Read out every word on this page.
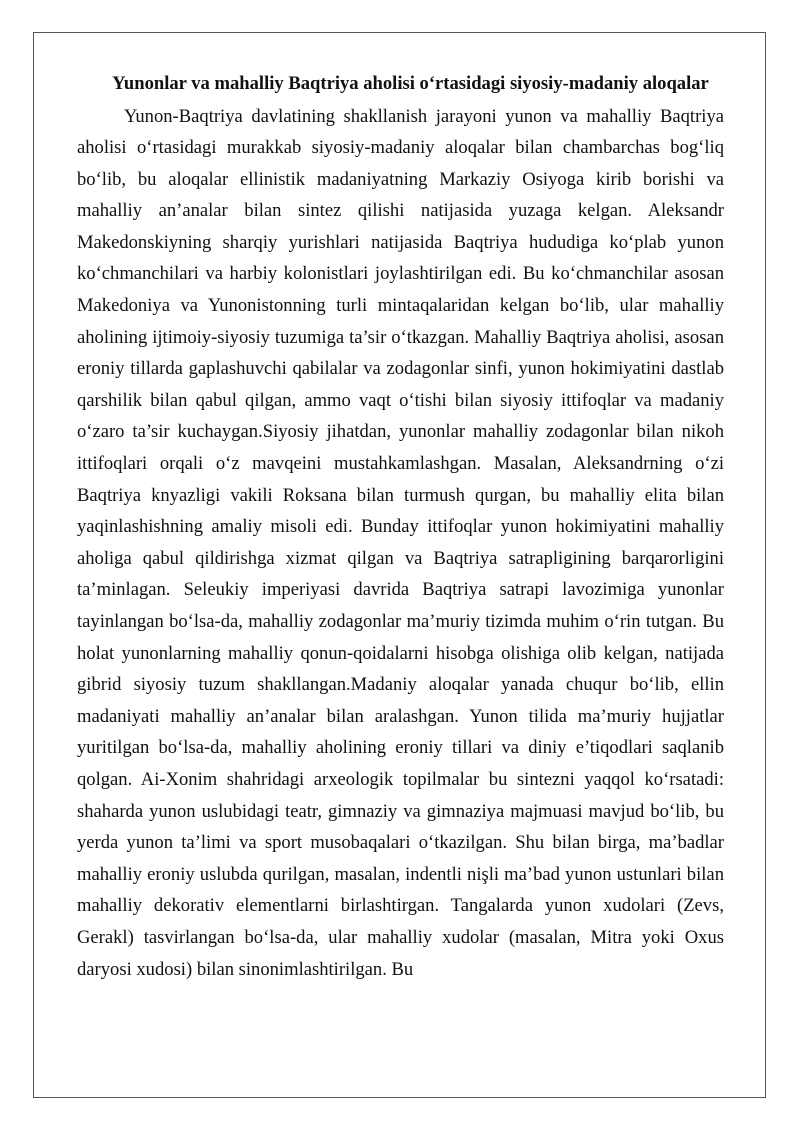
Yunonlar va mahalliy Baqtriya aholisi o‘rtasidagi siyosiy-madaniy aloqalar

Yunon-Baqtriya davlatining shakllanish jarayoni yunon va mahalliy Baqtriya aholisi o‘rtasidagi murakkab siyosiy-madaniy aloqalar bilan chambarchas bog‘liq bo‘lib, bu aloqalar ellinistik madaniyatning Markaziy Osiyoga kirib borishi va mahalliy an’analar bilan sintez qilishi natijasida yuzaga kelgan. Aleksandr Makedonskiyning sharqiy yurishlari natijasida Baqtriya hududiga ko‘plab yunon ko‘chmanchilari va harbiy kolonistlari joylashtirilgan edi. Bu ko‘chmanchilar asosan Makedoniya va Yunonistonning turli mintaqalaridan kelgan bo‘lib, ular mahalliy aholining ijtimoiy-siyosiy tuzumiga ta’sir o‘tkazgan. Mahalliy Baqtriya aholisi, asosan eroniy tillarda gaplashuvchi qabilalar va zodagonlar sinfi, yunon hokimiyatini dastlab qarshilik bilan qabul qilgan, ammo vaqt o‘tishi bilan siyosiy ittifoqlar va madaniy o‘zaro ta’sir kuchaygan.Siyosiy jihatdan, yunonlar mahalliy zodagonlar bilan nikoh ittifoqlari orqali o‘z mavqeini mustahkamlashgan. Masalan, Aleksandrning o‘zi Baqtriya knyazligi vakili Roksana bilan turmush qurgan, bu mahalliy elita bilan yaqinlashishning amaliy misoli edi. Bunday ittifoqlar yunon hokimiyatini mahalliy aholiga qabul qildirishga xizmat qilgan va Baqtriya satrapligining barqarorligini ta’minlagan. Seleukiy imperiyasi davrida Baqtriya satrapi lavozimiga yunonlar tayinlangan bo‘lsa-da, mahalliy zodagonlar ma’muriy tizimda muhim o‘rin tutgan. Bu holat yunonlarning mahalliy qonun-qoidalarni hisobga olishiga olib kelgan, natijada gibrid siyosiy tuzum shakllangan.Madaniy aloqalar yanada chuqur bo‘lib, ellin madaniyati mahalliy an’analar bilan aralashgan. Yunon tilida ma’muriy hujjatlar yuritilgan bo‘lsa-da, mahalliy aholining eroniy tillari va diniy e’tiqodlari saqlanib qolgan. Ai-Xonim shahridagi arxeologik topilmalar bu sintezni yaqqol ko‘rsatadi: shaharda yunon uslubidagi teatr, gimnaziy va gimnaziya majmuasi mavjud bo‘lib, bu yerda yunon ta’limi va sport musobaqalari o‘tkazilgan. Shu bilan birga, ma’badlar mahalliy eroniy uslubda qurilgan, masalan, indentli nişli ma’bad yunon ustunlari bilan mahalliy dekorativ elementlarni birlashtirgan. Tangalarda yunon xudolari (Zevs, Gerakl) tasvirlangan bo‘lsa-da, ular mahalliy xudolar (masalan, Mitra yoki Oxus daryosi xudosi) bilan sinonimlashtirilgan. Bu
